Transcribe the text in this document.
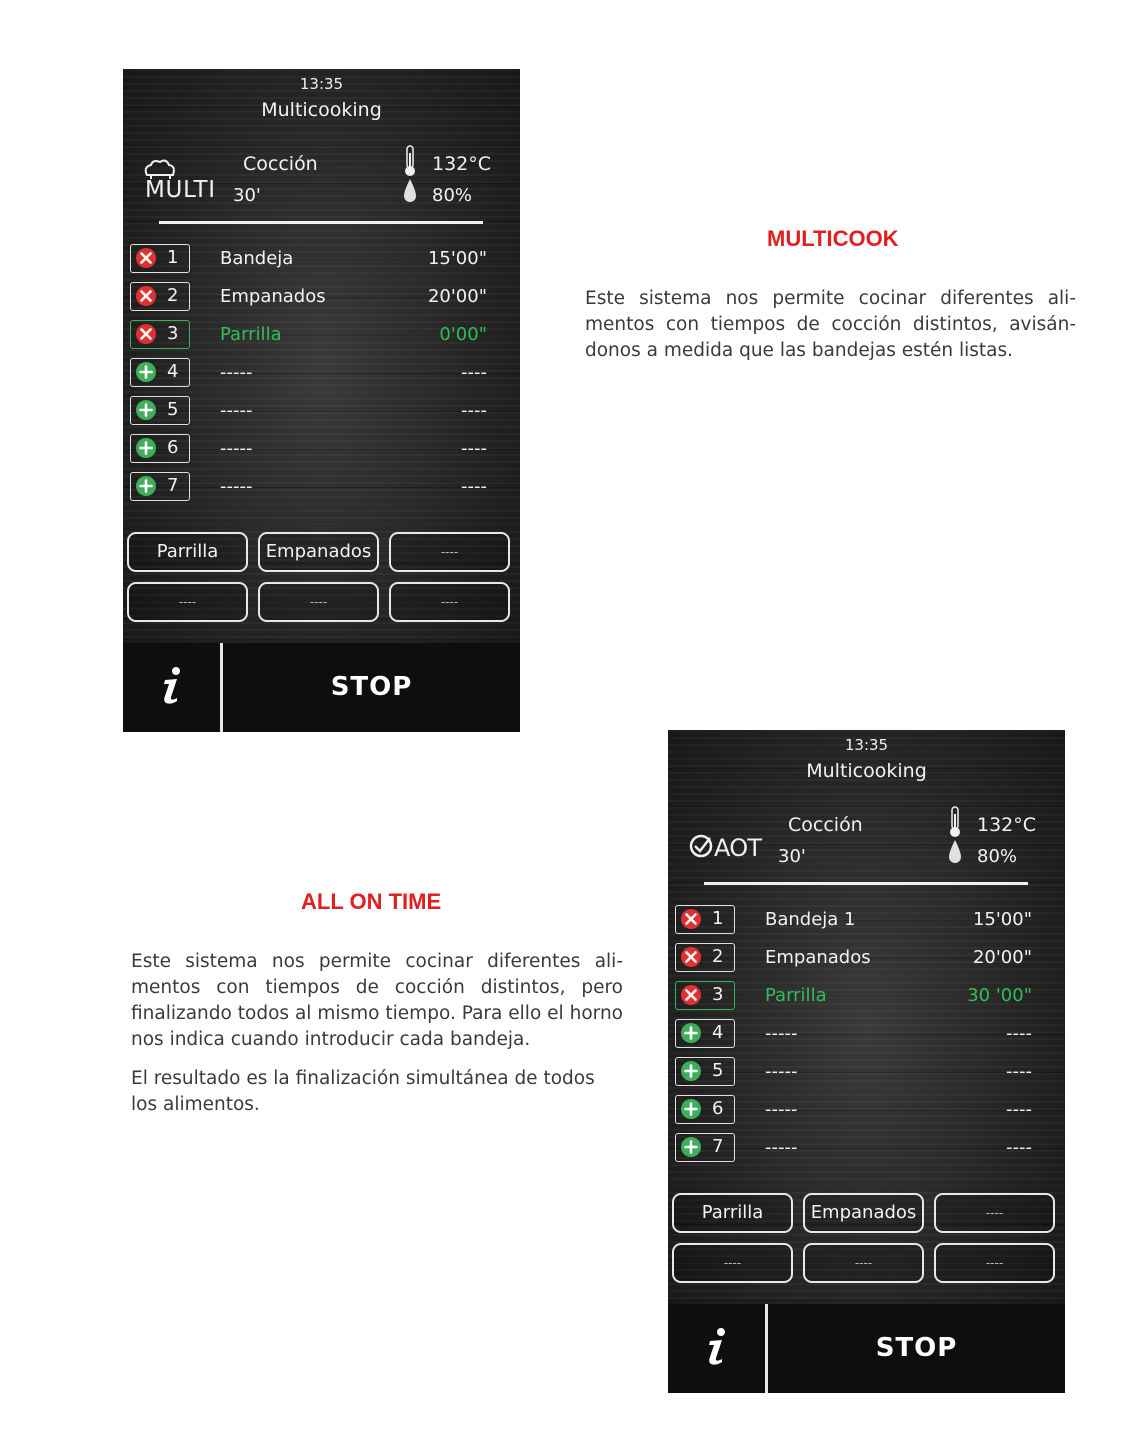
13:35
Multicooking
MULTI
Cocción
30'
132°C
80%
1 Bandeja	15'00"
2 Empanados	20'00"
3 Parrilla	0'00"
4 -----	----
5 -----	----
6 -----	----
7 -----	----
Parrilla	Empanados	----
----	----	----
STOP
13:35
Multicooking
AOT
Cocción
30'
132°C
80%
1 Bandeja 1	15'00"
2 Empanados	20'00"
3 Parrilla	30 '00"
4 -----	----
5 -----	----
6 -----	----
7 -----	----
Parrilla	Empanados	----
----	----	----
STOP
MULTICOOK

Este sistema nos permite cocinar diferentes ali-mentos con tiempos de cocción distintos, avisán-donos a medida que las bandejas estén listas.

ALL ON TIME

Este sistema nos permite cocinar diferentes ali-mentos con tiempos de cocción distintos, pero finalizando todos al mismo tiempo. Para ello el horno nos indica cuando introducir cada bandeja.

El resultado es la finalización simultánea de todos los alimentos.
